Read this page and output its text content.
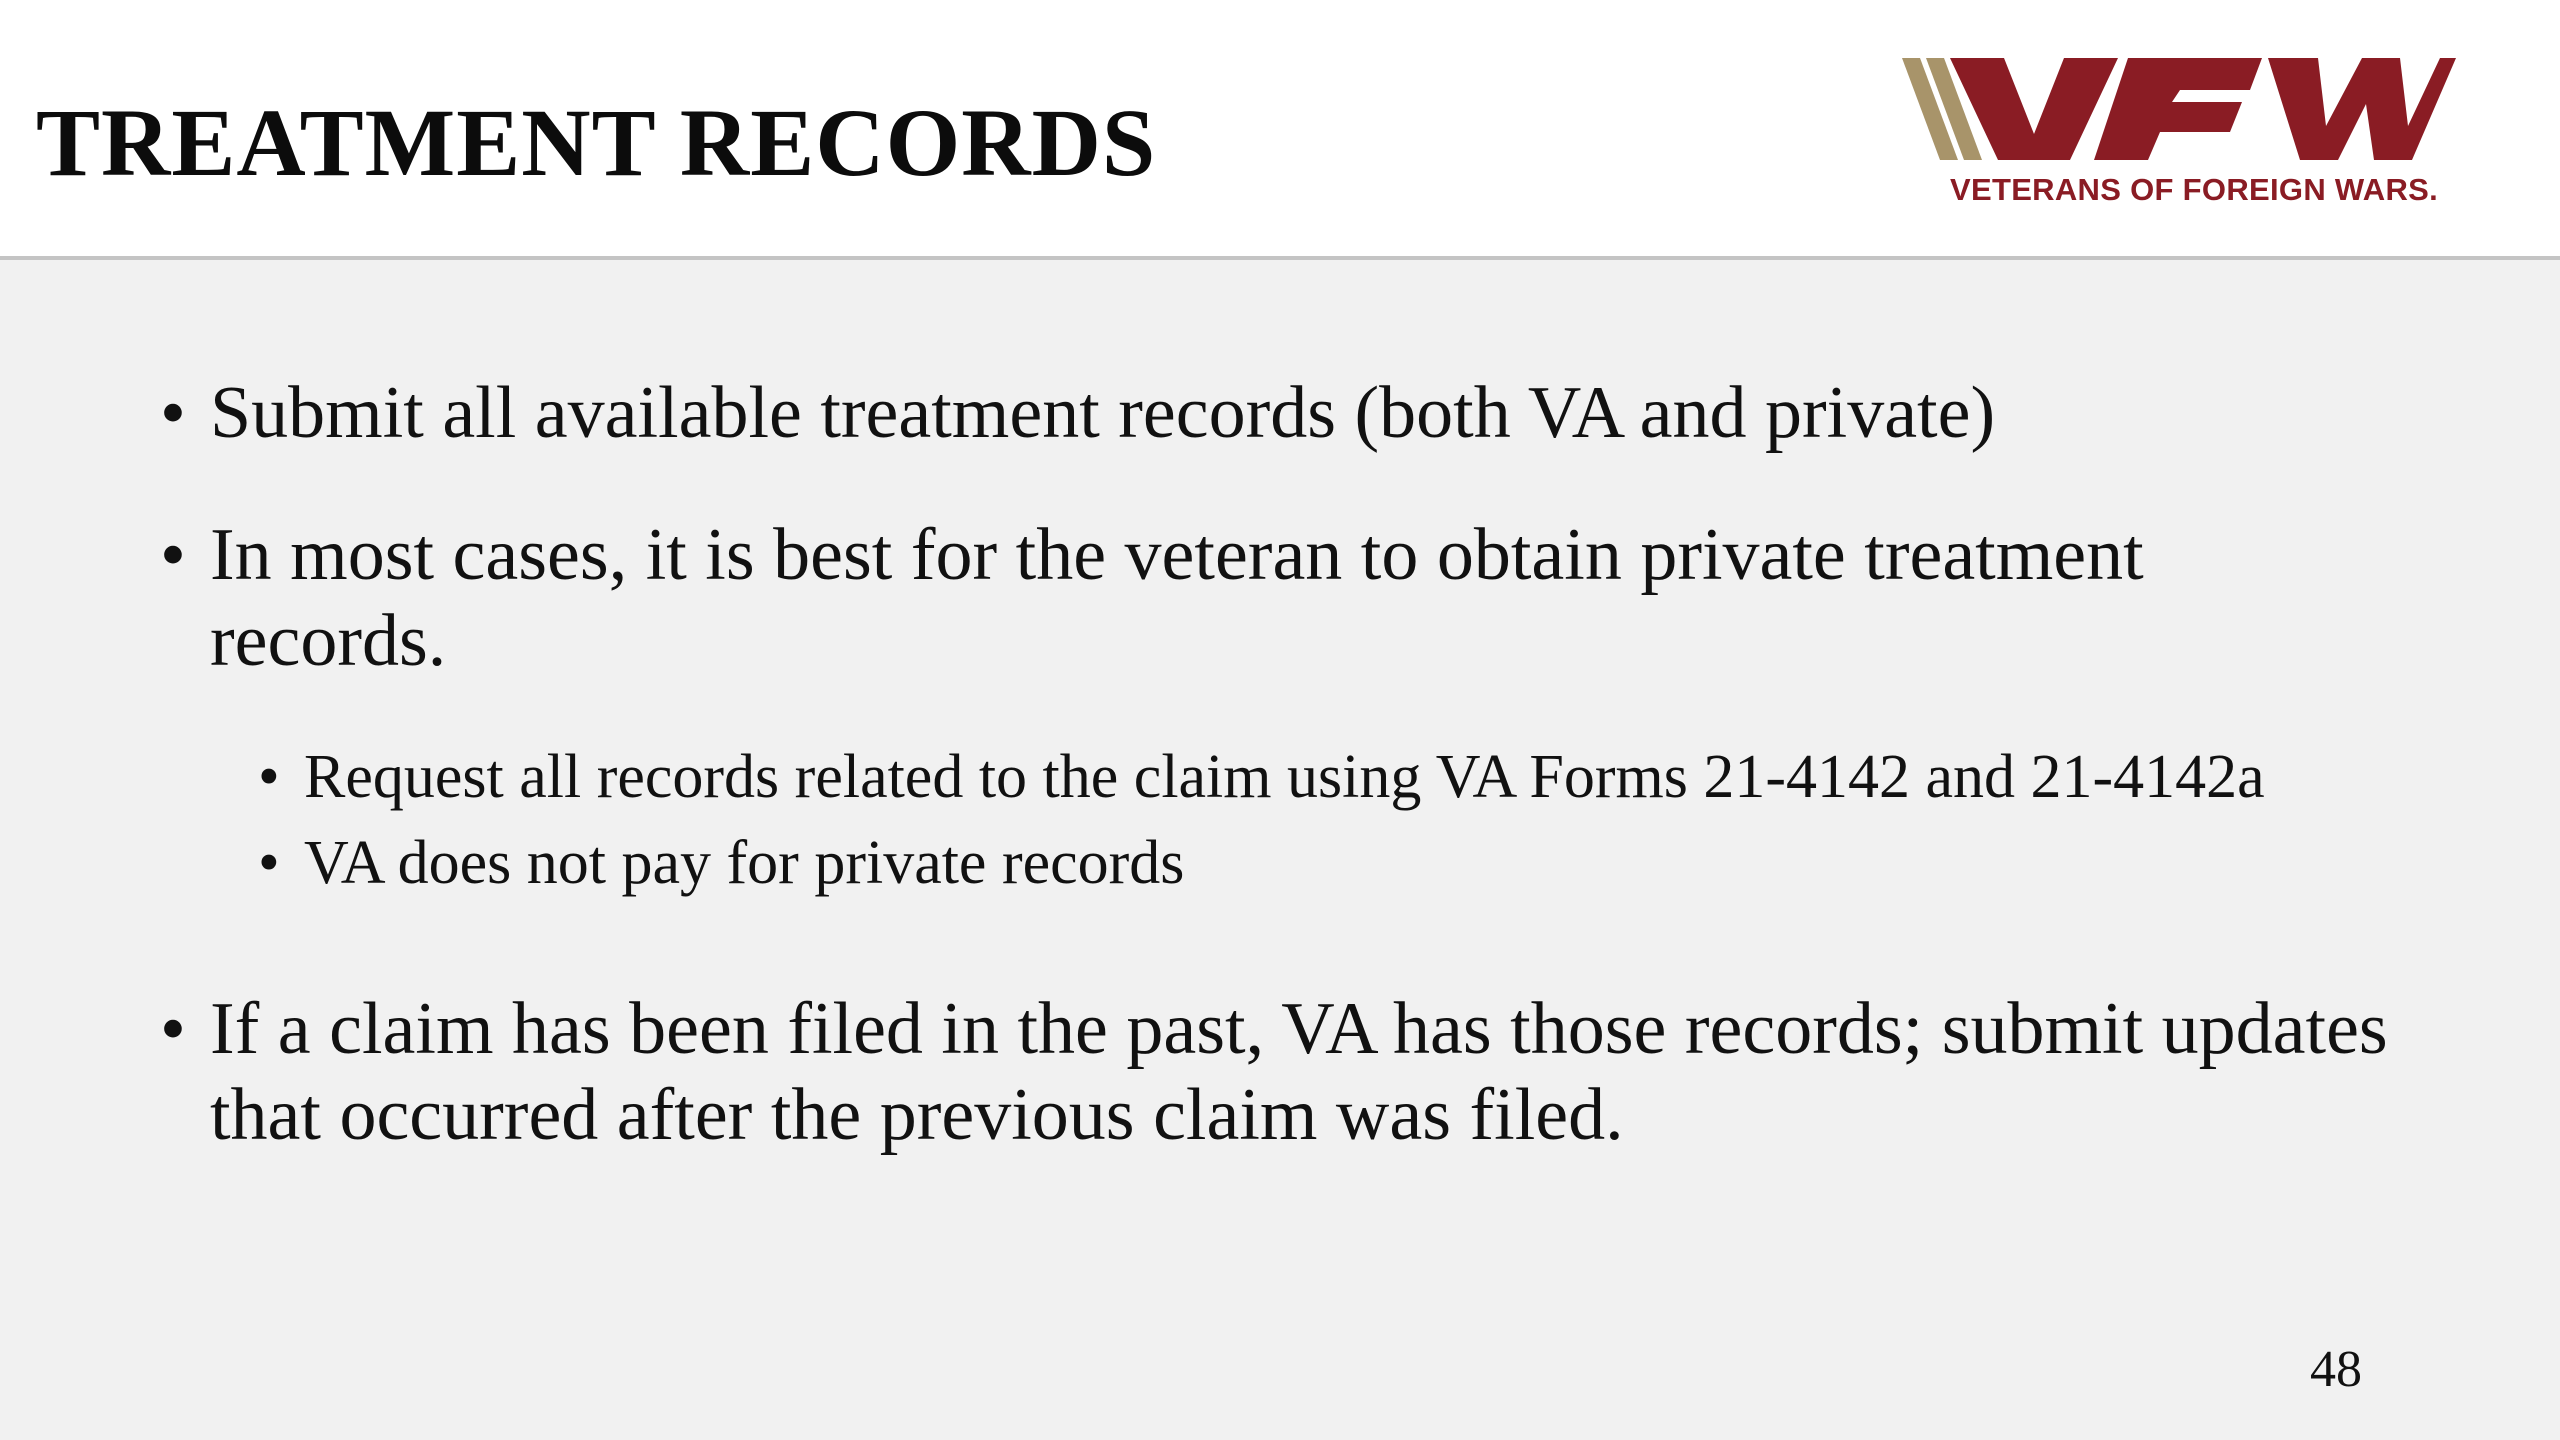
TREATMENT RECORDS	VETERANS OF FOREIGN WARS.
• Submit all available treatment records (both VA and private)
• In most cases, it is best for the veteran to obtain private treatment records.
• Request all records related to the claim using VA Forms 21-4142 and 21-4142a
• VA does not pay for private records
• If a claim has been filed in the past, VA has those records; submit updates that occurred after the previous claim was filed.
48
